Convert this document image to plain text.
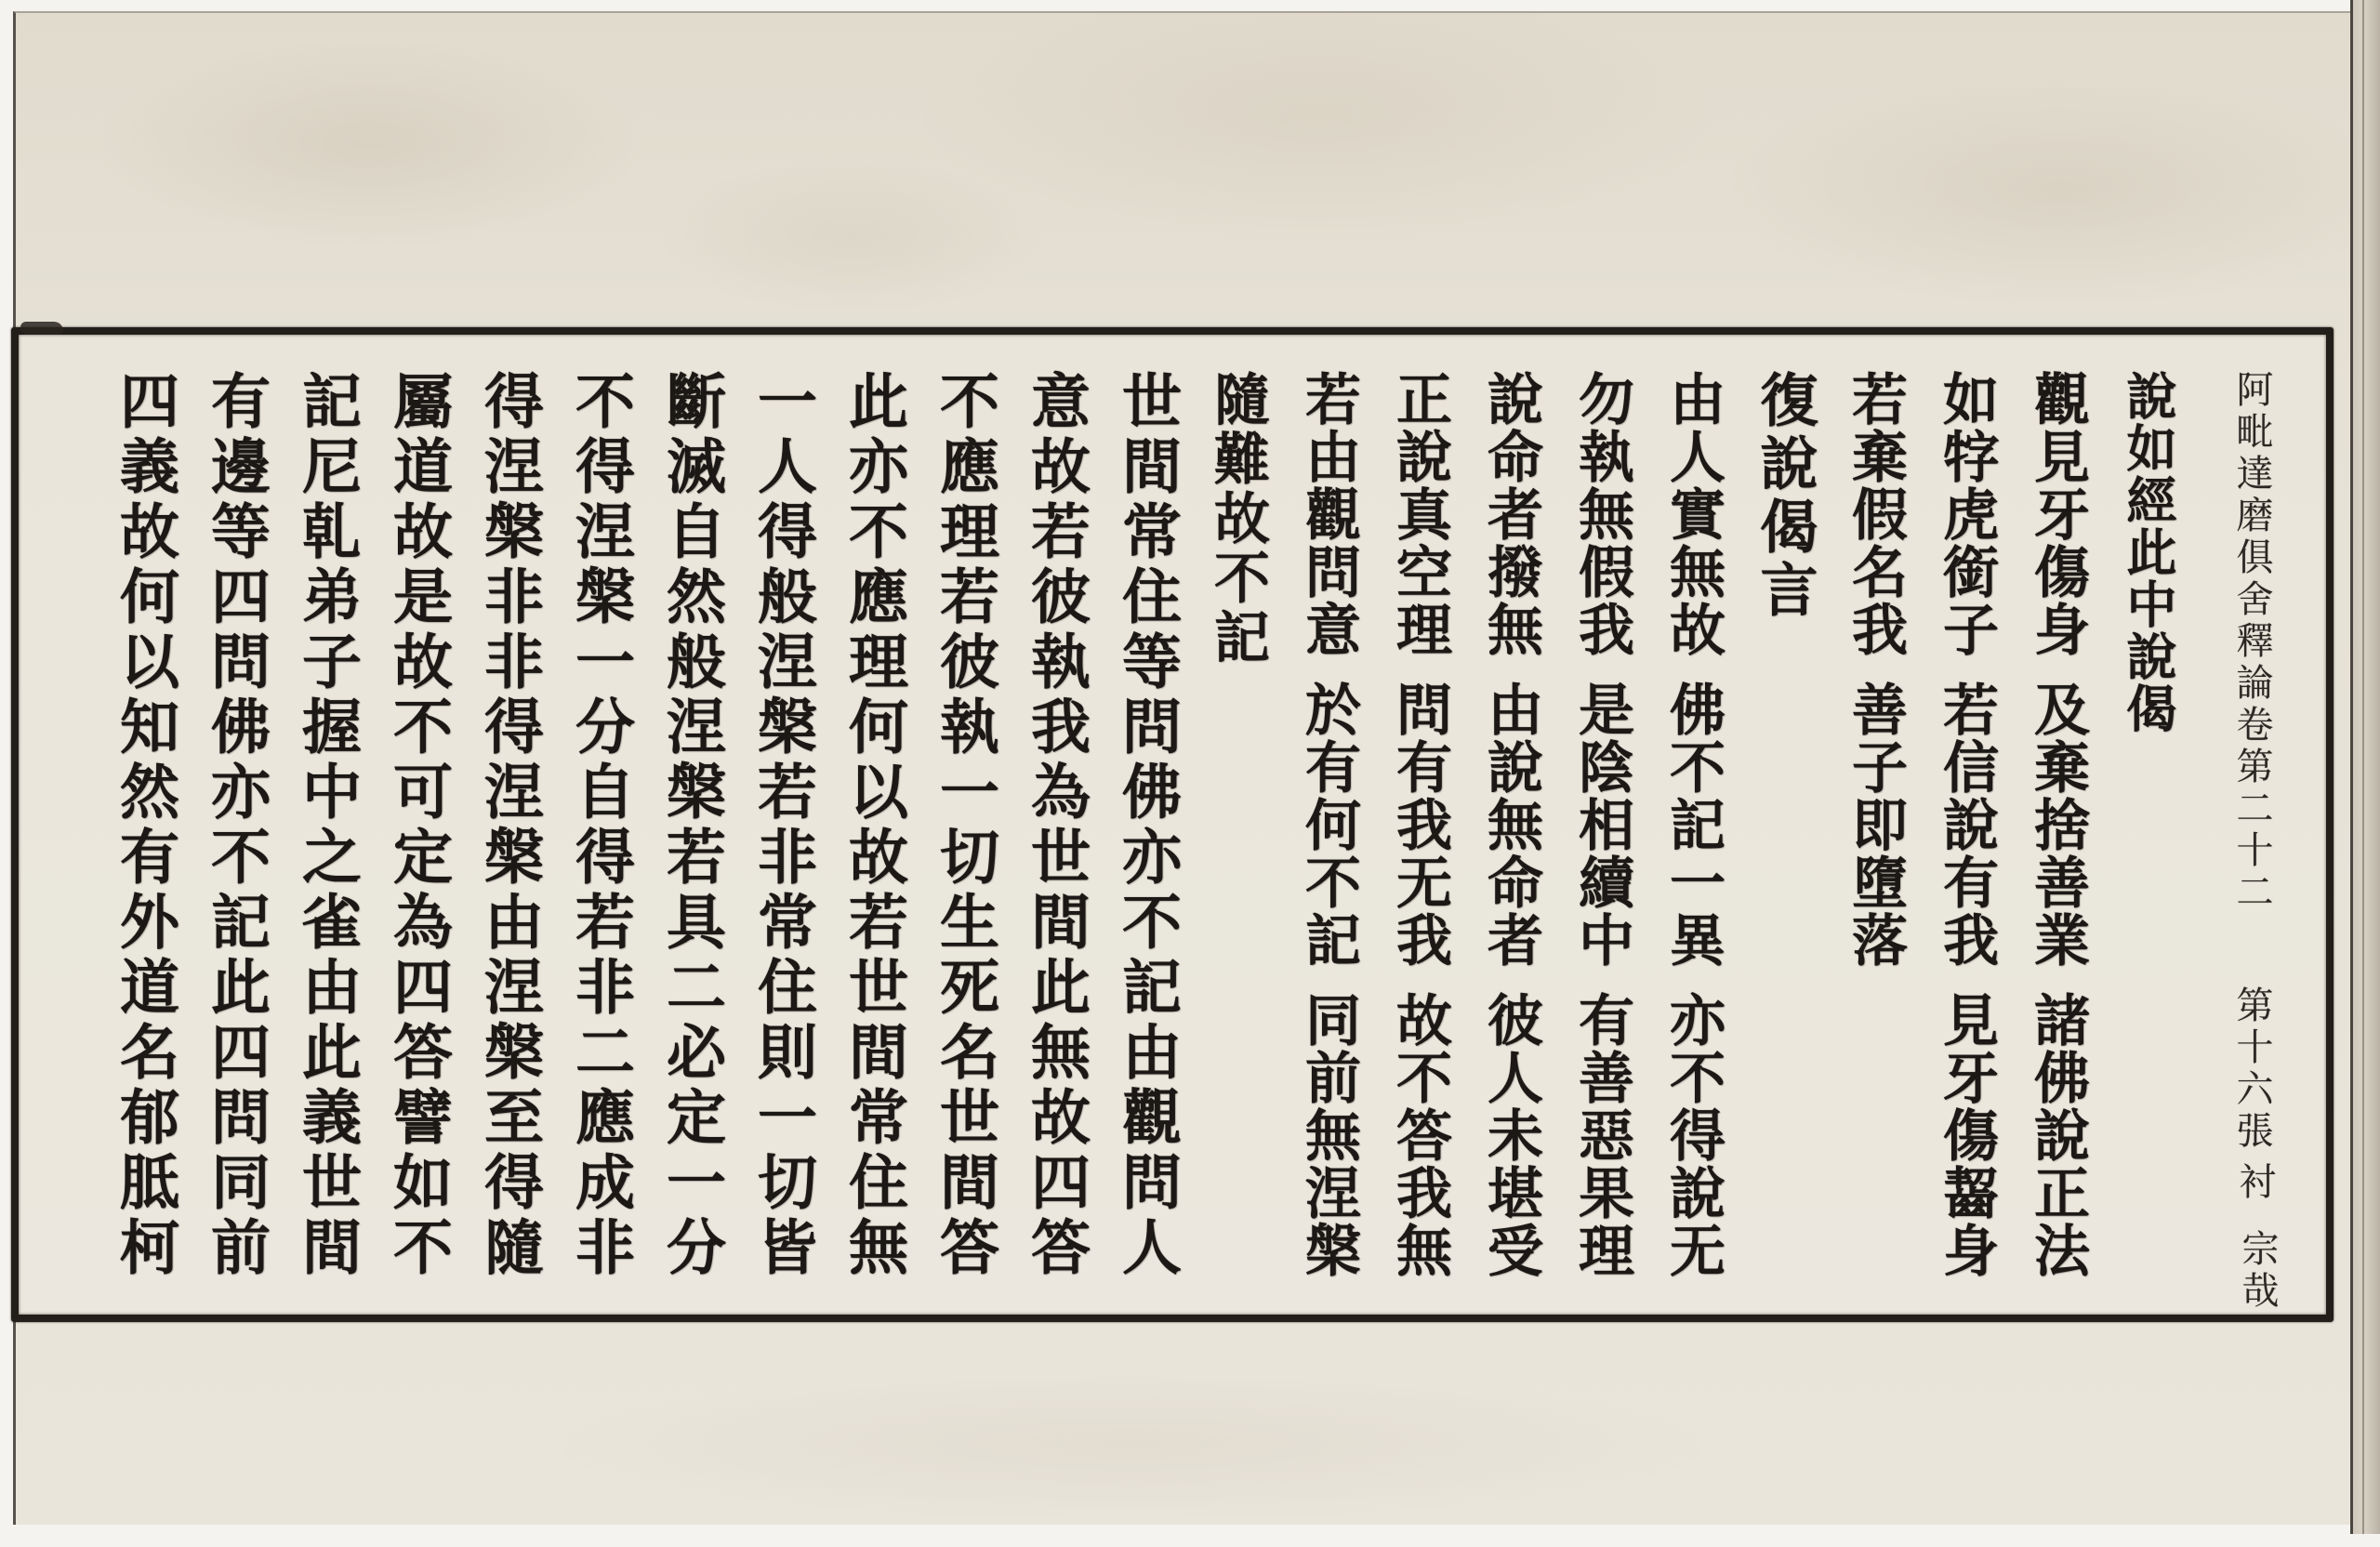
阿毗達磨俱舍釋論卷第二十二
第十六張
衬
宗哉
說如經此中說偈
觀見牙傷身
及棄捨善業
諸佛說正法
如牸虎銜子
若信說有我
見牙傷齧身
若棄假名我
善子即墮落
復說偈言
由人實無故
佛不記一異
亦不得說无
勿執無假我
是陰相續中
有善惡果理
說命者撥無
由說無命者
彼人未堪受
正說真空理
問有我无我
故不答我無
若由觀問意
於有何不記
同前無涅槃
隨難故不記
世間常住等問佛亦不記由觀問人
意故若彼執我為世間此無故四答
不應理若彼執一切生死名世間答
此亦不應理何以故若世間常住無
一人得般涅槃若非常住則一切皆
斷滅自然般涅槃若具二必定一分
不得涅槃一分自得若非二應成非
得涅槃非非得涅槃由涅槃至得隨
屬道故是故不可定為四答譬如不
記尼乹弟子握中之雀由此義世間
有邊等四問佛亦不記此四問同前
四義故何以知然有外道名郁胝柯
